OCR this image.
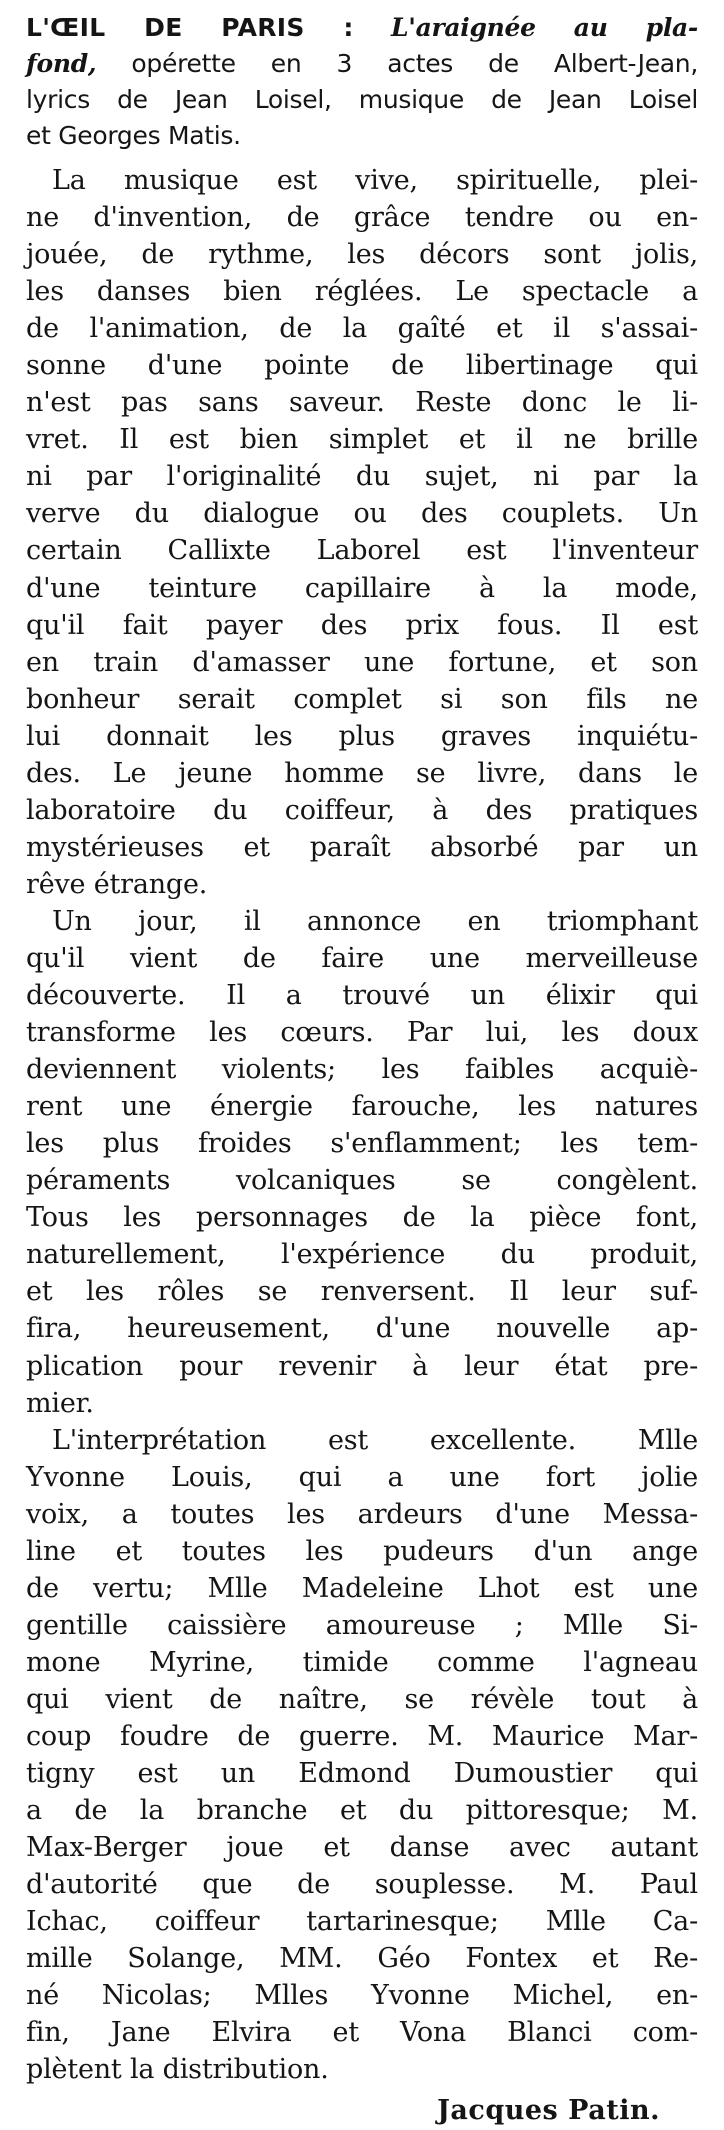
L'ŒIL DE PARIS : L'araignée au pla-
fond, opérette en 3 actes de Albert-Jean,
lyrics de Jean Loisel, musique de Jean Loisel
et Georges Matis.
La musique est vive, spirituelle, plei-
ne d'invention, de grâce tendre ou en-
jouée, de rythme, les décors sont jolis,
les danses bien réglées. Le spectacle a
de l'animation, de la gaîté et il s'assai-
sonne d'une pointe de libertinage qui
n'est pas sans saveur. Reste donc le li-
vret. Il est bien simplet et il ne brille
ni par l'originalité du sujet, ni par la
verve du dialogue ou des couplets. Un
certain Callixte Laborel est l'inventeur
d'une teinture capillaire à la mode,
qu'il fait payer des prix fous. Il est
en train d'amasser une fortune, et son
bonheur serait complet si son fils ne
lui donnait les plus graves inquiétu-
des. Le jeune homme se livre, dans le
laboratoire du coiffeur, à des pratiques
mystérieuses et paraît absorbé par un
rêve étrange.
Un jour, il annonce en triomphant
qu'il vient de faire une merveilleuse
découverte. Il a trouvé un élixir qui
transforme les cœurs. Par lui, les doux
deviennent violents; les faibles acquiè-
rent une énergie farouche, les natures
les plus froides s'enflamment; les tem-
péraments volcaniques se congèlent.
Tous les personnages de la pièce font,
naturellement, l'expérience du produit,
et les rôles se renversent. Il leur suf-
fira, heureusement, d'une nouvelle ap-
plication pour revenir à leur état pre-
mier.
L'interprétation est excellente. Mlle
Yvonne Louis, qui a une fort jolie
voix, a toutes les ardeurs d'une Messa-
line et toutes les pudeurs d'un ange
de vertu; Mlle Madeleine Lhot est une
gentille caissière amoureuse ; Mlle Si-
mone Myrine, timide comme l'agneau
qui vient de naître, se révèle tout à
coup foudre de guerre. M. Maurice Mar-
tigny est un Edmond Dumoustier qui
a de la branche et du pittoresque; M.
Max-Berger joue et danse avec autant
d'autorité que de souplesse. M. Paul
Ichac, coiffeur tartarinesque; Mlle Ca-
mille Solange, MM. Géo Fontex et Re-
né Nicolas; Mlles Yvonne Michel, en-
fin, Jane Elvira et Vona Blanci com-
plètent la distribution.
Jacques Patin.
